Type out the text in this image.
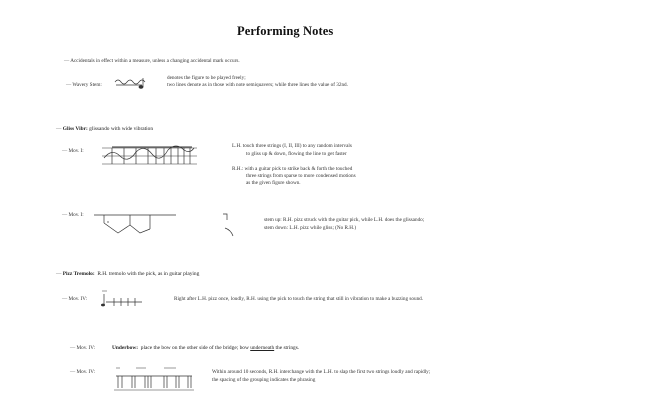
Performing Notes
— Accidentals in effect within a measure, unless a changing accidental mark occurs.
— Wavery Stem:
denotes the figure to be played freely;
two lines denote as in those with note semiquavers; while three lines the value of 32nd.
— Gliss Vibr: glissando with wide vibration
— Mov. I:
L.H. touch three strings (I, II, III) to any random intervals
to gliss up & down, flowing the line to get faster
R.H.: with a guitar pick to strike back & forth the touched
three strings from sparse to more condensed motions
as the given figure shown.
— Mov. I:
stem up: R.H. pizz struck with the guitar pick, while L.H. does the glissando;
stem down: L.H. pizz while gliss; (No R.H.)
— Pizz Tremolo: R.H. tremolo with the pick, as in guitar playing
— Mov. IV:	Right after L.H. pizz once, loudly, R.H. using the pick to touch the string that still in vibration to make a buzzing sound.
— Mov. IV:	Underbow: place the bow on the other side of the bridge; bow underneath the strings.
— Mov. IV:	Within around 10 seconds, R.H. interchange with the L.H. to slap the first two strings loudly and rapidly;
the spacing of the grouping indicates the phrasing
